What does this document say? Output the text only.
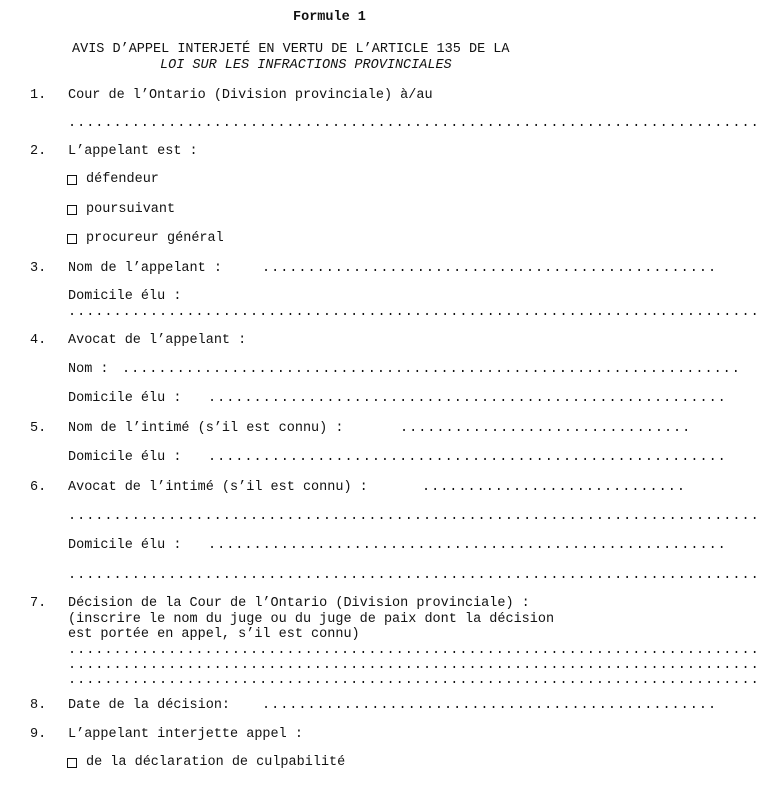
Formule 1
AVIS D’APPEL INTERJETÉ EN VERTU DE L’ARTICLE 135 DE LA
LOI SUR LES INFRACTIONS PROVINCIALES
1. Cour de l’Ontario (Division provinciale) à/au
............................................................................
2. L’appelant est :
défendeur
poursuivant
procureur général
3. Nom de l’appelant :	..................................................
Domicile élu :
............................................................................
4. Avocat de l’appelant :
Nom : ....................................................................
Domicile élu : .........................................................
5. Nom de l’intimé (s’il est connu) :	................................
Domicile élu : .........................................................
6. Avocat de l’intimé (s’il est connu) :	.............................
............................................................................
Domicile élu : .........................................................
............................................................................
7. Décision de la Cour de l’Ontario (Division provinciale) :
(inscrire le nom du juge ou du juge de paix dont la décision
est portée en appel, s’il est connu)
............................................................................
............................................................................
............................................................................
8. Date de la décision: ..................................................
9. L’appelant interjette appel :
de la déclaration de culpabilité
